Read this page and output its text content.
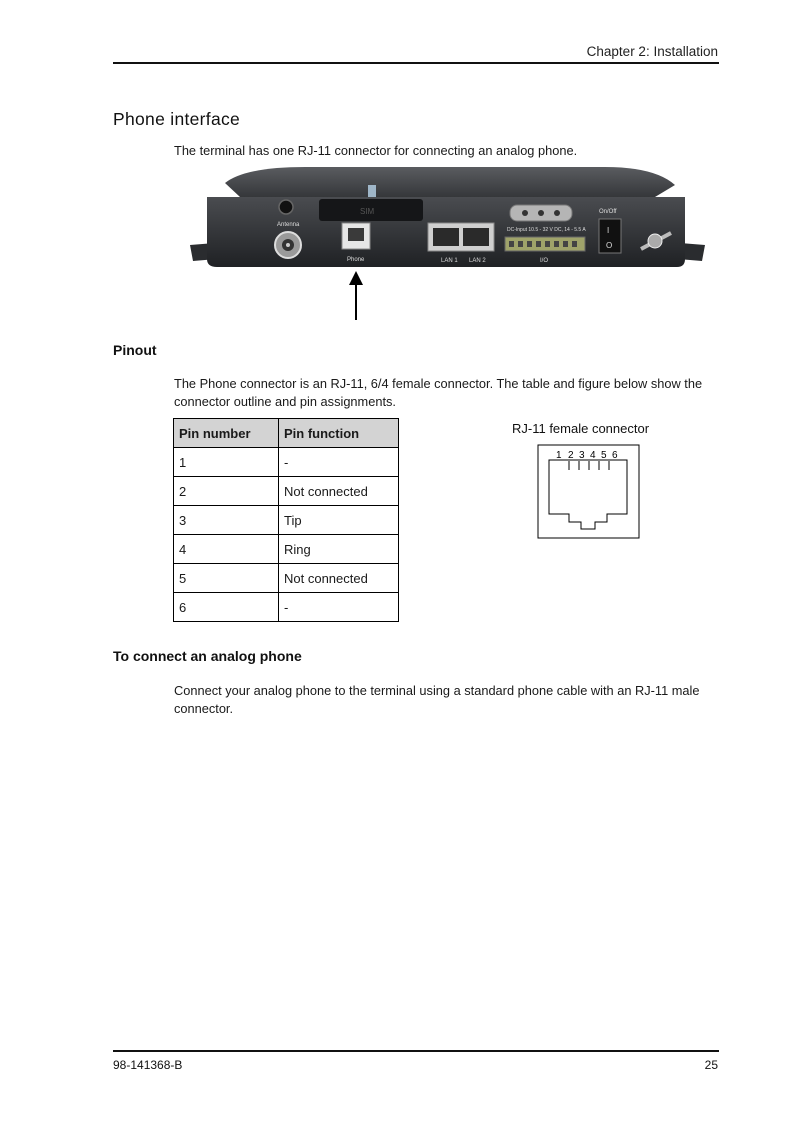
Chapter 2: Installation
Phone interface
The terminal has one RJ-11 connector for connecting an analog phone.
Antenna
SIM
Phone	LAN 1 LAN 2
DC-Input 10.5 - 32 V DC, 14 - 5.5 A
I/O
On/Off
I
O
Pinout
The Phone connector is an RJ-11, 6/4 female connector. The table and figure below show the connector outline and pin assignments.
Pin number	Pin function
1	-
2	Not connected
3	Tip
4	Ring
5	Not connected
6	-
RJ-11 female connector
1 2 3 4 5 6
To connect an analog phone
Connect your analog phone to the terminal using a standard phone cable with an RJ-11 male connector.
98-141368-B	25
